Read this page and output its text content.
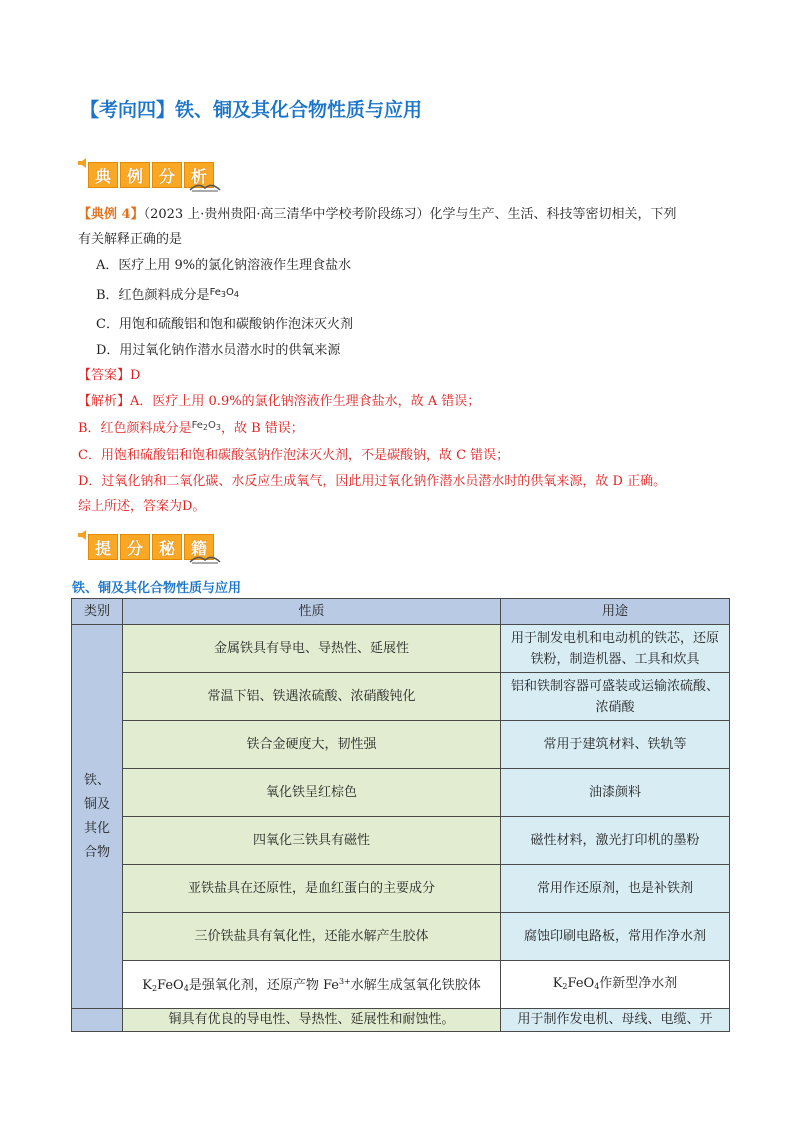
【考向四】铁、铜及其化合物性质与应用
典 例 分 析
【典例 4】（2023 上·贵州贵阳·高三清华中学校考阶段练习）化学与生产、生活、科技等密切相关，下列
有关解释正确的是
A．医疗上用 9%的氯化钠溶液作生理食盐水
B．红色颜料成分是$^{Fe_3O_4}$
C．用饱和硫酸铝和饱和碳酸钠作泡沫灭火剂
D．用过氧化钠作潜水员潜水时的供氧来源
【答案】D
【解析】A．医疗上用 0.9%的氯化钠溶液作生理食盐水，故 A 错误；
B．红色颜料成分是$^{Fe_2O_3}$，故 B 错误；
C．用饱和硫酸铝和饱和碳酸氢钠作泡沫灭火剂，不是碳酸钠，故 C 错误；
D．过氧化钠和二氧化碳、水反应生成氧气，因此用过氧化钠作潜水员潜水时的供氧来源，故 D 正确。
综上所述，答案为D。
提 分 秘 籍
铁、铜及其化合物性质与应用
类别	性质	用途
铁、
铜及
其化
合物	金属铁具有导电、导热性、延展性	用于制发电机和电动机的铁芯，还原铁粉，制造机器、工具和炊具
	常温下铝、铁遇浓硫酸、浓硝酸钝化	铝和铁制容器可盛装或运输浓硫酸、浓硝酸
	铁合金硬度大，韧性强	常用于建筑材料、铁轨等
	氧化铁呈红棕色	油漆颜料
	四氧化三铁具有磁性	磁性材料，激光打印机的墨粉
	亚铁盐具在还原性，是血红蛋白的主要成分	常用作还原剂，也是补铁剂
	三价铁盐具有氧化性，还能水解产生胶体	腐蚀印刷电路板，常用作净水剂
	$K_2FeO_4$是强氧化剂，还原产物 $Fe^{3+}$水解生成氢氧化铁胶体	$K_2FeO_4$作新型净水剂
	铜具有优良的导电性、导热性、延展性和耐蚀性。	用于制作发电机、母线、电缆、开
